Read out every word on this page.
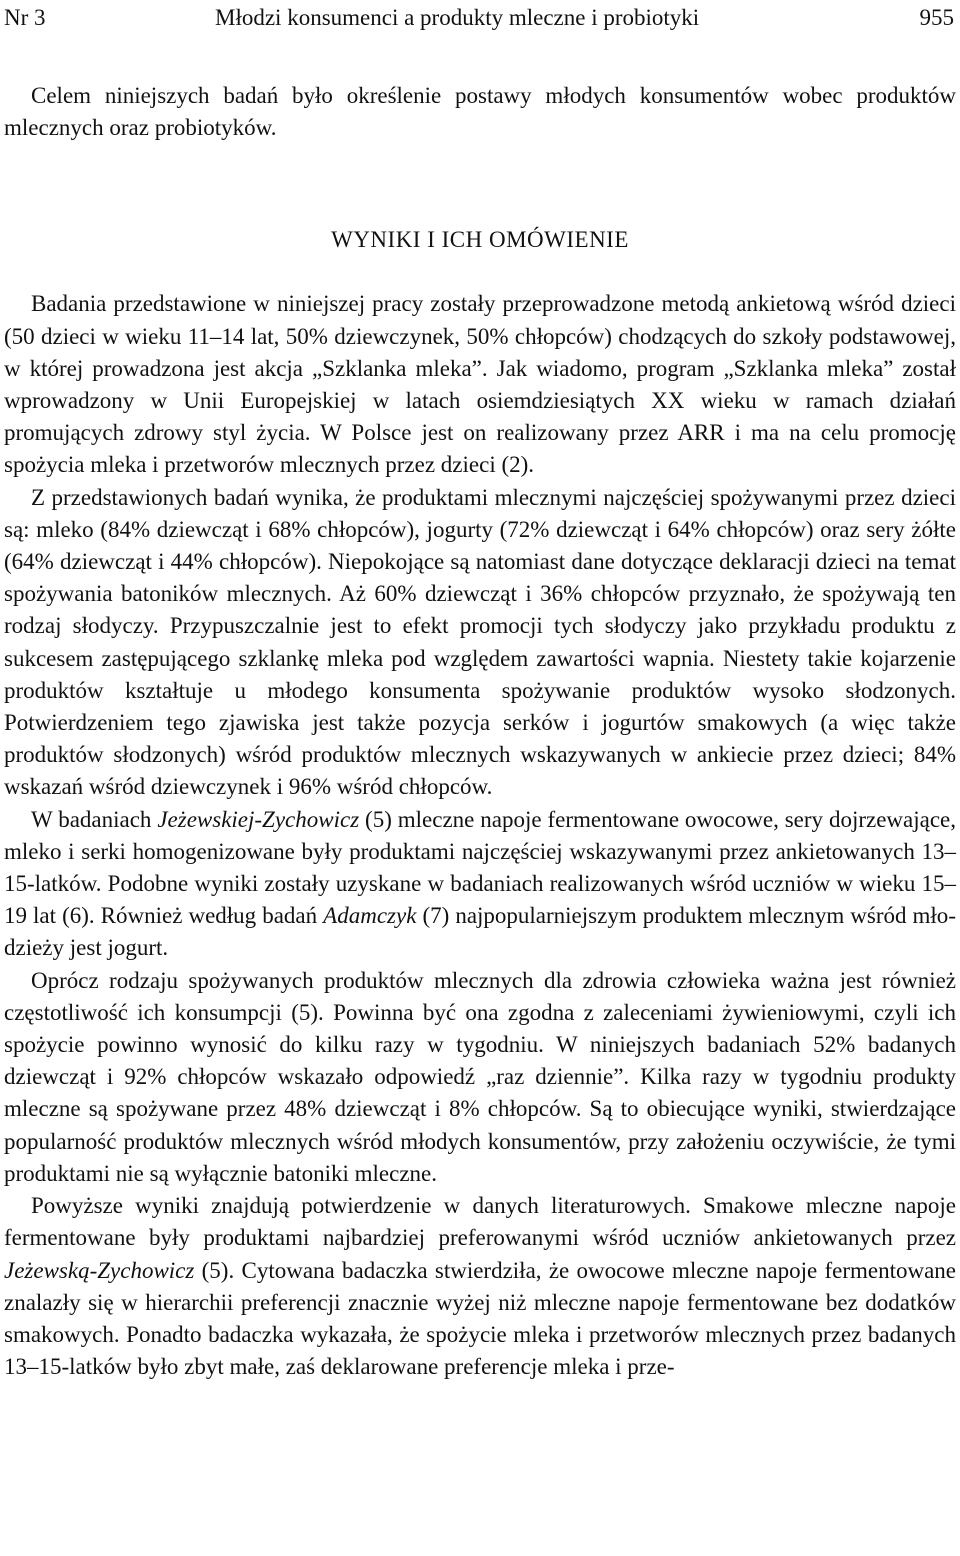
Nr 3	Młodzi konsumenci a produkty mleczne i probiotyki	955

Celem niniejszych badań było określenie postawy młodych konsumentów wobec produktów mlecznych oraz probiotyków.

WYNIKI I ICH OMÓWIENIE

Badania przedstawione w niniejszej pracy zostały przeprowadzone metodą ankietową wśród dzieci (50 dzieci w wieku 11–14 lat, 50% dziewczynek, 50% chłopców) chodzących do szkoły podstawowej, w której prowadzona jest akcja „Szklanka mleka”. Jak wiadomo, program „Szklanka mleka” został wprowadzony w Unii Europejskiej w latach osiemdziesiątych XX wieku w ramach działań promujących zdrowy styl życia. W Polsce jest on realizowany przez ARR i ma na celu promocję spożycia mleka i przetworów mlecznych przez dzieci (2).

Z przedstawionych badań wynika, że produktami mlecznymi najczęściej spożywanymi przez dzieci są: mleko (84% dziewcząt i 68% chłopców), jogurty (72% dziewcząt i 64% chłopców) oraz sery żółte (64% dziewcząt i 44% chłopców). Niepokojące są natomiast dane dotyczące deklaracji dzieci na temat spożywania batoników mlecznych. Aż 60% dziewcząt i 36% chłopców przyznało, że spożywają ten rodzaj słodyczy. Przypuszczalnie jest to efekt promocji tych słodyczy jako przykładu produktu z sukcesem zastępującego szklankę mleka pod względem zawartości wapnia. Niestety takie kojarzenie produktów kształtuje u młodego konsumenta spożywanie produktów wysoko słodzonych. Potwierdzeniem tego zjawiska jest także pozycja serków i jogurtów smakowych (a więc także produktów słodzonych) wśród produktów mlecznych wskazywanych w ankiecie przez dzieci; 84% wskazań wśród dziewczynek i 96% wśród chłopców.

W badaniach Jeżewskiej-Zychowicz (5) mleczne napoje fermentowane owocowe, sery dojrzewające, mleko i serki homogenizowane były produktami najczęściej wskazywanymi przez ankietowanych 13–15-latków. Podobne wyniki zostały uzyskane w badaniach realizowanych wśród uczniów w wieku 15–19 lat (6). Również według badań Adamczyk (7) najpopularniejszym produktem mlecznym wśród młodzieży jest jogurt.

Oprócz rodzaju spożywanych produktów mlecznych dla zdrowia człowieka ważna jest również częstotliwość ich konsumpcji (5). Powinna być ona zgodna z zaleceniami żywieniowymi, czyli ich spożycie powinno wynosić do kilku razy w tygodniu. W niniejszych badaniach 52% badanych dziewcząt i 92% chłopców wskazało odpowiedź „raz dziennie”. Kilka razy w tygodniu produkty mleczne są spożywane przez 48% dziewcząt i 8% chłopców. Są to obiecujące wyniki, stwierdzające popularność produktów mlecznych wśród młodych konsumentów, przy założeniu oczywiście, że tymi produktami nie są wyłącznie batoniki mleczne.

Powyższe wyniki znajdują potwierdzenie w danych literaturowych. Smakowe mleczne napoje fermentowane były produktami najbardziej preferowanymi wśród uczniów ankietowanych przez Jeżewską-Zychowicz (5). Cytowana badaczka stwierdziła, że owocowe mleczne napoje fermentowane znalazły się w hierarchii preferencji znacznie wyżej niż mleczne napoje fermentowane bez dodatków smakowych. Ponadto badaczka wykazała, że spożycie mleka i przetworów mlecznych przez badanych 13–15-latków było zbyt małe, zaś deklarowane preferencje mleka i prze-
